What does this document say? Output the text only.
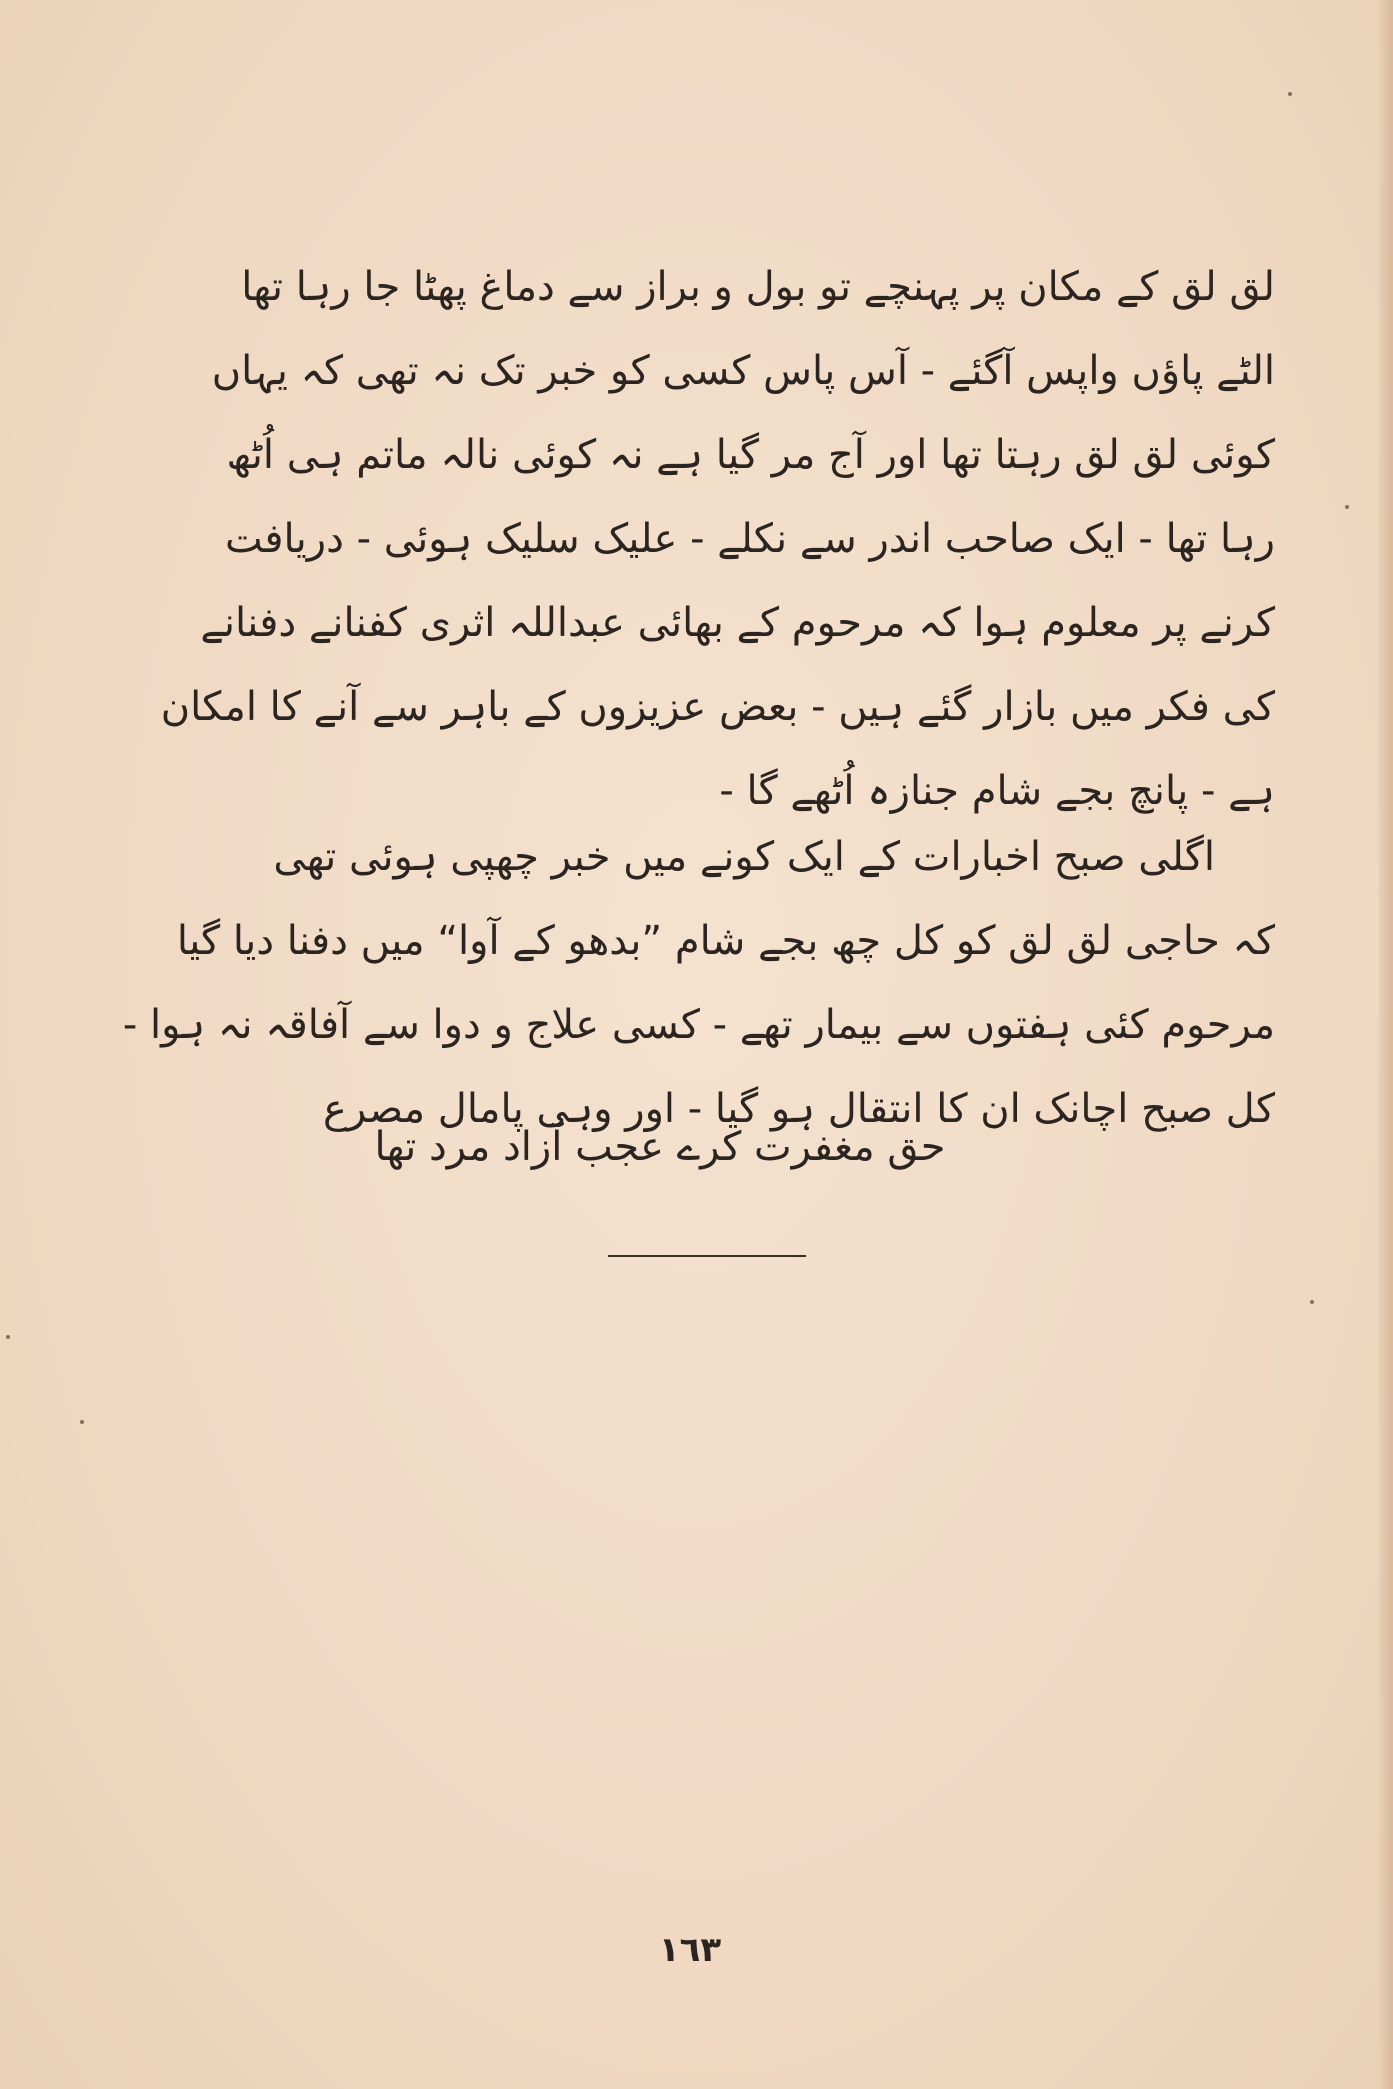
لق لق کے مکان پر پہنچے تو بول و براز سے دماغ پھٹا جا رہا تھا
الٹے پاؤں واپس آگئے - آس پاس کسی کو خبر تک نہ تھی کہ یہاں
کوئی لق لق رہتا تھا اور آج مر گیا ہے نہ کوئی نالہ ماتم ہی اُٹھ
رہا تھا - ایک صاحب اندر سے نکلے - علیک سلیک ہوئی - دریافت
کرنے پر معلوم ہوا کہ مرحوم کے بھائی عبداللہ اثری کفنانے دفنانے
کی فکر میں بازار گئے ہیں - بعض عزیزوں کے باہر سے آنے کا امکان
ہے - پانچ بجے شام جنازہ اُٹھے گا -
اگلی صبح اخبارات کے ایک کونے میں خبر چھپی ہوئی تھی
کہ حاجی لق لق کو کل چھ بجے شام ”بدھو کے آوا“ میں دفنا دیا گیا
مرحوم کئی ہفتوں سے بیمار تھے - کسی علاج و دوا سے آفاقہ نہ ہوا -
کل صبح اچانک ان کا انتقال ہو گیا - اور وہی پامال مصرع
حق مغفرت کرے عجب آزاد مرد تھا
١٦٣
